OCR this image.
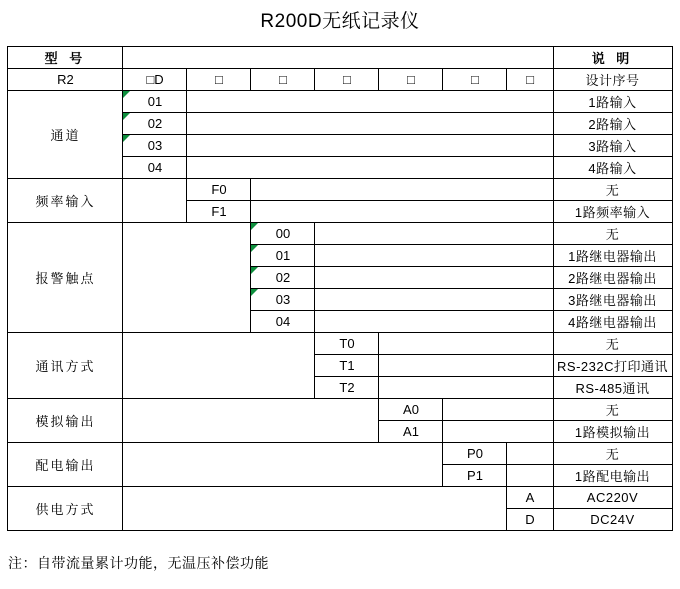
R200D无纸记录仪
型 号								说 明
R2	□D	□	□	□	□	□	□	设计序号
通道	01							1路输入
	02							2路输入
	03							3路输入
	04							4路输入
频率输入		F0						无
		F1						1路频率输入
报警触点			00					无
			01					1路继电器输出
			02					2路继电器输出
			03					3路继电器输出
			04					4路继电器输出
通讯方式				T0				无
				T1				RS-232C打印通讯
				T2				RS-485通讯
模拟输出					A0			无
					A1			1路模拟输出
配电输出						P0		无
						P1		1路配电输出
供电方式							A	AC220V
							D	DC24V
注：自带流量累计功能，无温压补偿功能
